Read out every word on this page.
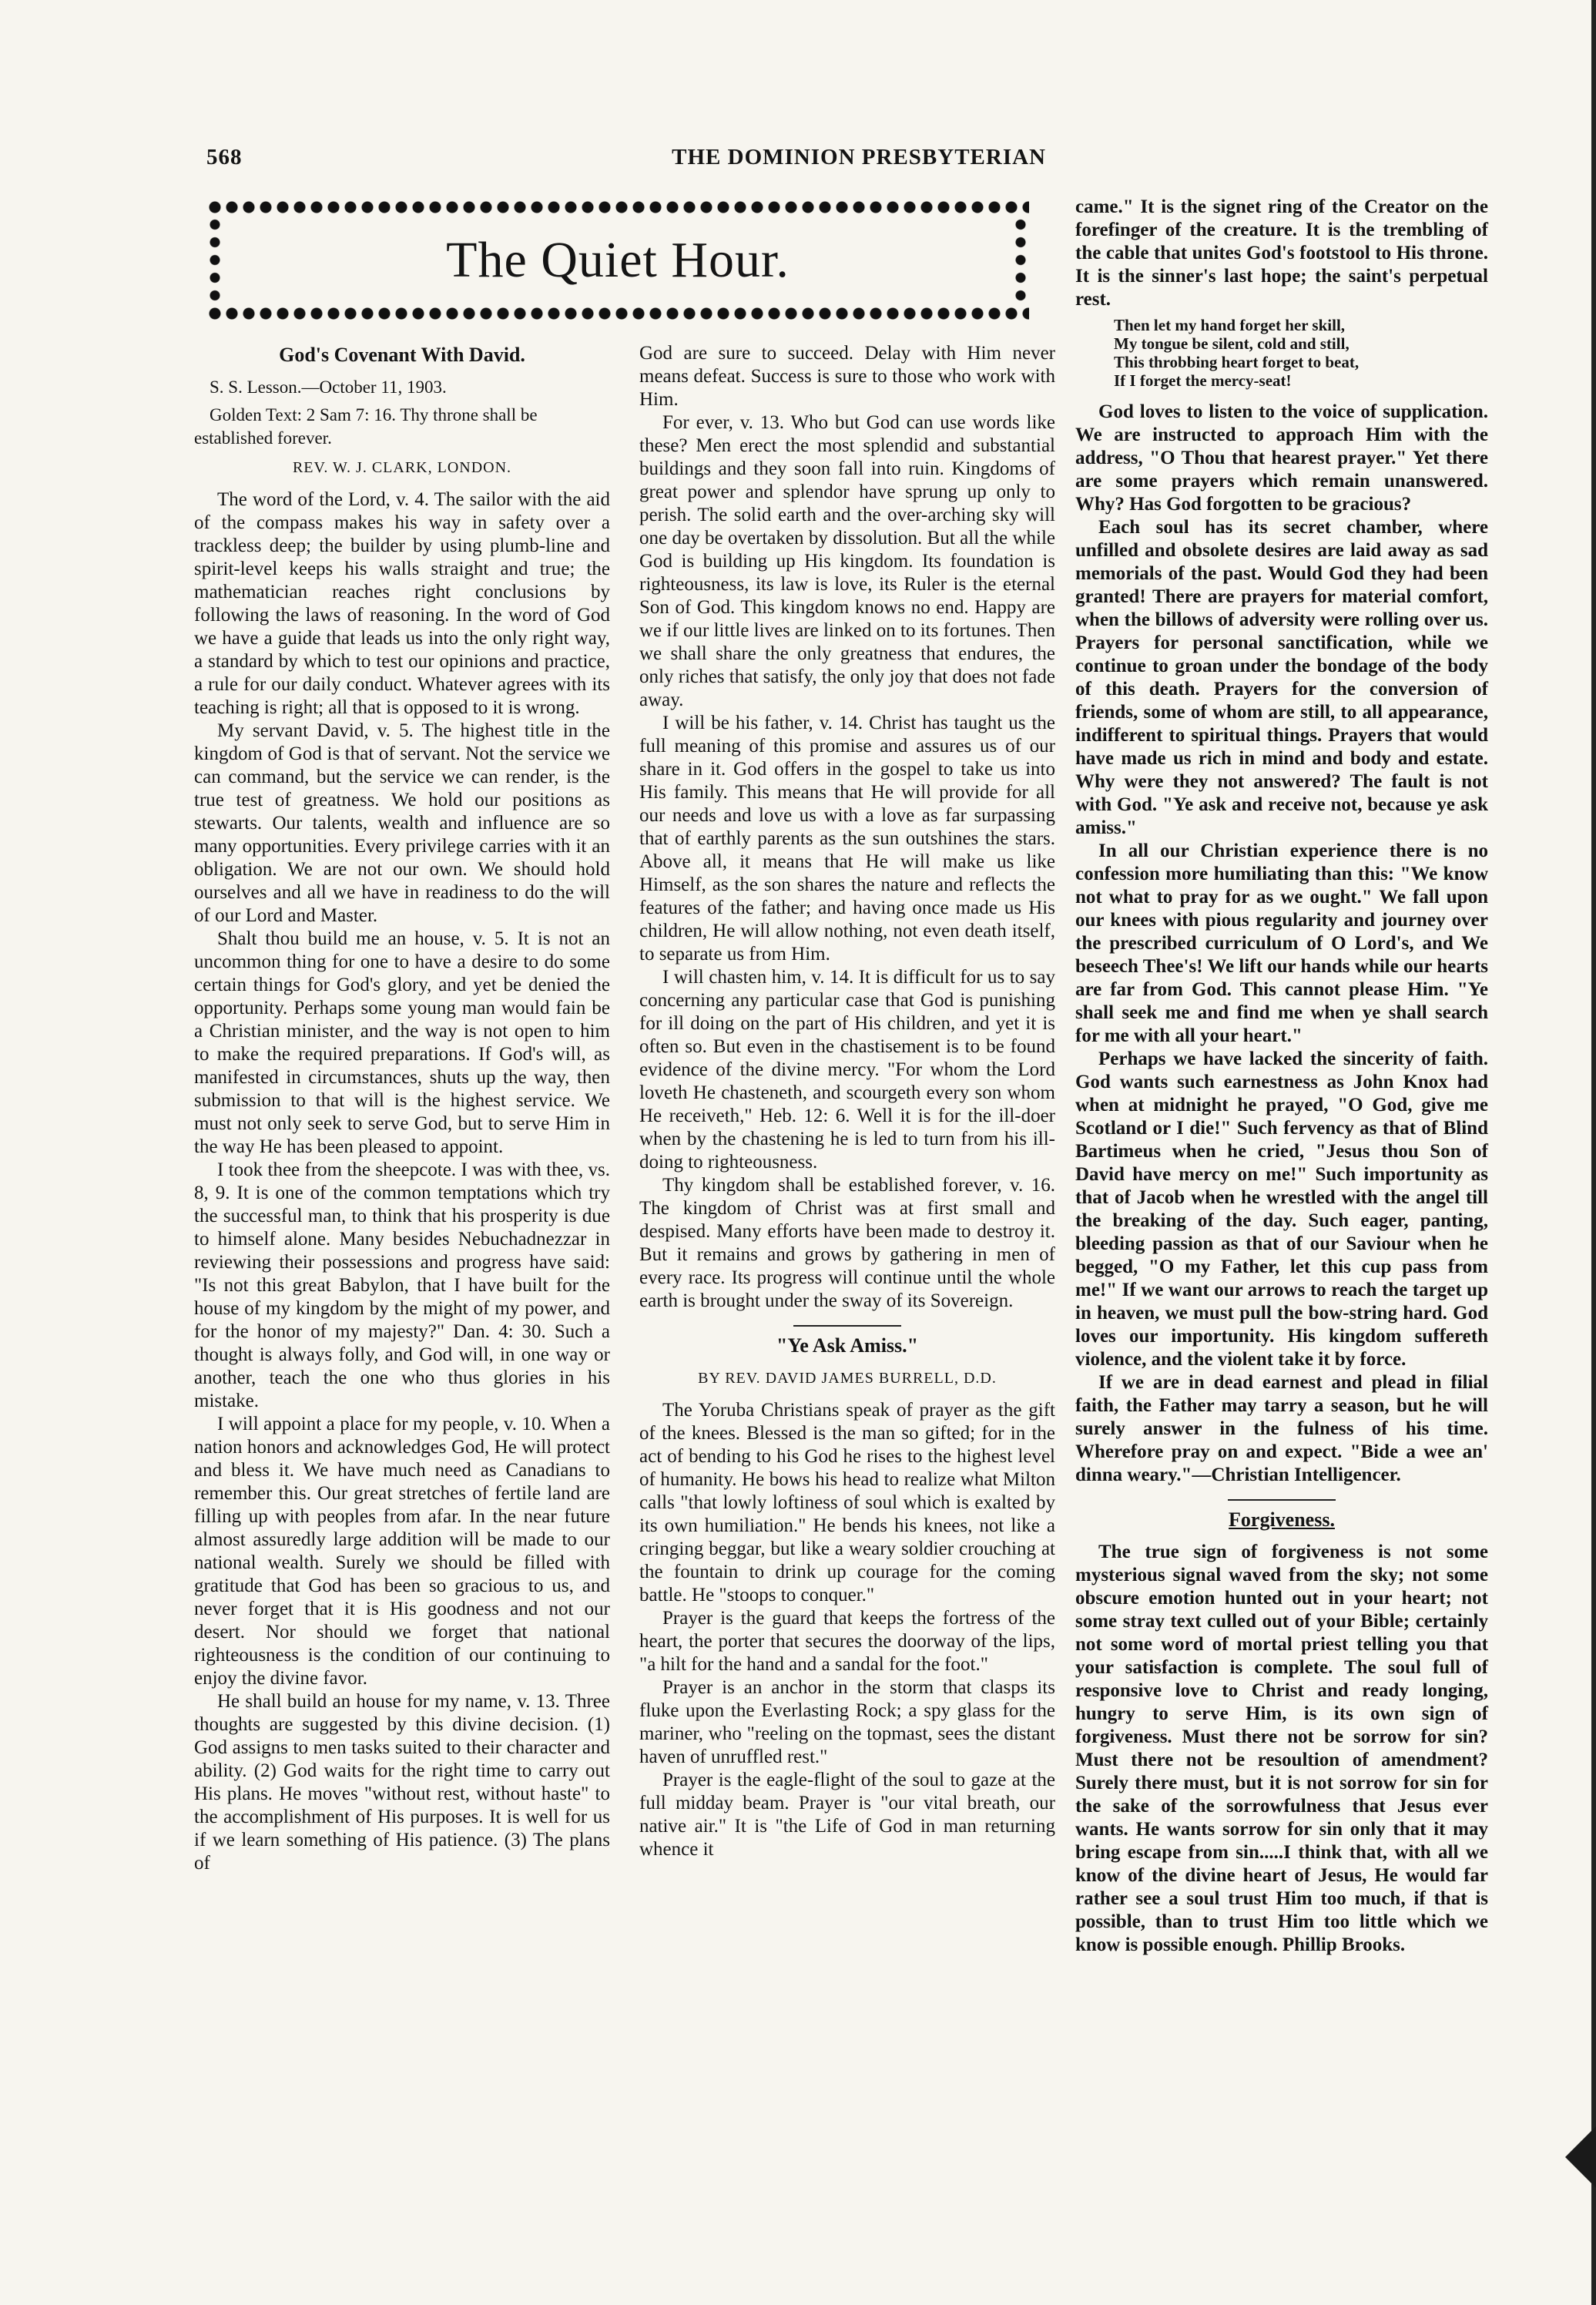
568	THE DOMINION PRESBYTERIAN
The Quiet Hour.
God's Covenant With David.
S. S. Lesson.—October 11, 1903.
Golden Text: 2 Sam 7: 16. Thy throne shall be established forever.
REV. W. J. CLARK, LONDON.

The word of the Lord, v. 4. The sailor with the aid of the compass makes his way in safety over a trackless deep; the builder by using plumb-line and spirit-level keeps his walls straight and true; the mathematician reaches right conclusions by following the laws of reasoning. In the word of God we have a guide that leads us into the only right way, a standard by which to test our opinions and practice, a rule for our daily conduct. Whatever agrees with its teaching is right; all that is opposed to it is wrong.

My servant David, v. 5. The highest title in the kingdom of God is that of servant. Not the service we can command, but the service we can render, is the true test of greatness. We hold our positions as stewarts. Our talents, wealth and influence are so many opportunities. Every privilege carries with it an obligation. We are not our own. We should hold ourselves and all we have in readiness to do the will of our Lord and Master.

Shalt thou build me an house, v. 5. It is not an uncommon thing for one to have a desire to do some certain things for God's glory, and yet be denied the opportunity. Perhaps some young man would fain be a Christian minister, and the way is not open to him to make the required preparations. If God's will, as manifested in circumstances, shuts up the way, then submission to that will is the highest service. We must not only seek to serve God, but to serve Him in the way He has been pleased to appoint.

I took thee from the sheepcote. I was with thee, vs. 8, 9. It is one of the common temptations which try the successful man, to think that his prosperity is due to himself alone. Many besides Nebuchadnezzar in reviewing their possessions and progress have said: "Is not this great Babylon, that I have built for the house of my kingdom by the might of my power, and for the honor of my majesty?" Dan. 4: 30. Such a thought is always folly, and God will, in one way or another, teach the one who thus glories in his mistake.

I will appoint a place for my people, v. 10. When a nation honors and acknowledges God, He will protect and bless it. We have much need as Canadians to remember this. Our great stretches of fertile land are filling up with peoples from afar. In the near future almost assuredly large addition will be made to our national wealth. Surely we should be filled with gratitude that God has been so gracious to us, and never forget that it is His goodness and not our desert. Nor should we forget that national righteousness is the condition of our continuing to enjoy the divine favor.

He shall build an house for my name, v. 13. Three thoughts are suggested by this divine decision. (1) God assigns to men tasks suited to their character and ability. (2) God waits for the right time to carry out His plans. He moves "without rest, without haste" to the accomplishment of His purposes. It is well for us if we learn something of His patience. (3) The plans of

God are sure to succeed. Delay with Him never means defeat. Success is sure to those who work with Him.

For ever, v. 13. Who but God can use words like these? Men erect the most splendid and substantial buildings and they soon fall into ruin. Kingdoms of great power and splendor have sprung up only to perish. The solid earth and the over-arching sky will one day be overtaken by dissolution. But all the while God is building up His kingdom. Its foundation is righteousness, its law is love, its Ruler is the eternal Son of God. This kingdom knows no end. Happy are we if our little lives are linked on to its fortunes. Then we shall share the only greatness that endures, the only riches that satisfy, the only joy that does not fade away.

I will be his father, v. 14. Christ has taught us the full meaning of this promise and assures us of our share in it. God offers in the gospel to take us into His family. This means that He will provide for all our needs and love us with a love as far surpassing that of earthly parents as the sun outshines the stars. Above all, it means that He will make us like Himself, as the son shares the nature and reflects the features of the father; and having once made us His children, He will allow nothing, not even death itself, to separate us from Him.

I will chasten him, v. 14. It is difficult for us to say concerning any particular case that God is punishing for ill doing on the part of His children, and yet it is often so. But even in the chastisement is to be found evidence of the divine mercy. "For whom the Lord loveth He chasteneth, and scourgeth every son whom He receiveth," Heb. 12: 6. Well it is for the ill-doer when by the chastening he is led to turn from his ill-doing to righteousness.

Thy kingdom shall be established forever, v. 16. The kingdom of Christ was at first small and despised. Many efforts have been made to destroy it. But it remains and grows by gathering in men of every race. Its progress will continue until the whole earth is brought under the sway of its Sovereign.

"Ye Ask Amiss."
BY REV. DAVID JAMES BURRELL, D.D.

The Yoruba Christians speak of prayer as the gift of the knees. Blessed is the man so gifted; for in the act of bending to his God he rises to the highest level of humanity. He bows his head to realize what Milton calls "that lowly loftiness of soul which is exalted by its own humiliation." He bends his knees, not like a cringing beggar, but like a weary soldier crouching at the fountain to drink up courage for the coming battle. He "stoops to conquer."

Prayer is the guard that keeps the fortress of the heart, the porter that secures the doorway of the lips, "a hilt for the hand and a sandal for the foot."

Prayer is an anchor in the storm that clasps its fluke upon the Everlasting Rock; a spy glass for the mariner, who "reeling on the topmast, sees the distant haven of unruffled rest."

Prayer is the eagle-flight of the soul to gaze at the full midday beam. Prayer is "our vital breath, our native air." It is "the Life of God in man returning whence it

came." It is the signet ring of the Creator on the forefinger of the creature. It is the trembling of the cable that unites God's footstool to His throne. It is the sinner's last hope; the saint's perpetual rest.

Then let my hand forget her skill,
My tongue be silent, cold and still,
This throbbing heart forget to beat,
If I forget the mercy-seat!

God loves to listen to the voice of supplication. We are instructed to approach Him with the address, "O Thou that hearest prayer." Yet there are some prayers which remain unanswered. Why? Has God forgotten to be gracious?

Each soul has its secret chamber, where unfilled and obsolete desires are laid away as sad memorials of the past. Would God they had been granted! There are prayers for material comfort, when the billows of adversity were rolling over us. Prayers for personal sanctification, while we continue to groan under the bondage of the body of this death. Prayers for the conversion of friends, some of whom are still, to all appearance, indifferent to spiritual things. Prayers that would have made us rich in mind and body and estate. Why were they not answered? The fault is not with God. "Ye ask and receive not, because ye ask amiss."

In all our Christian experience there is no confession more humiliating than this: "We know not what to pray for as we ought." We fall upon our knees with pious regularity and journey over the prescribed curriculum of O Lord's, and We beseech Thee's! We lift our hands while our hearts are far from God. This cannot please Him. "Ye shall seek me and find me when ye shall search for me with all your heart."

Perhaps we have lacked the sincerity of faith. God wants such earnestness as John Knox had when at midnight he prayed, "O God, give me Scotland or I die!" Such fervency as that of Blind Bartimeus when he cried, "Jesus thou Son of David have mercy on me!" Such importunity as that of Jacob when he wrestled with the angel till the breaking of the day. Such eager, panting, bleeding passion as that of our Saviour when he begged, "O my Father, let this cup pass from me!" If we want our arrows to reach the target up in heaven, we must pull the bow-string hard. God loves our importunity. His kingdom suffereth violence, and the violent take it by force.

If we are in dead earnest and plead in filial faith, the Father may tarry a season, but he will surely answer in the fulness of his time. Wherefore pray on and expect. "Bide a wee an' dinna weary."—Christian Intelligencer.

Forgiveness.

The true sign of forgiveness is not some mysterious signal waved from the sky; not some obscure emotion hunted out in your heart; not some stray text culled out of your Bible; certainly not some word of mortal priest telling you that your satisfaction is complete. The soul full of responsive love to Christ and ready longing, hungry to serve Him, is its own sign of forgiveness. Must there not be sorrow for sin? Must there not be resoultion of amendment? Surely there must, but it is not sorrow for sin for the sake of the sorrowfulness that Jesus ever wants. He wants sorrow for sin only that it may bring escape from sin.....I think that, with all we know of the divine heart of Jesus, He would far rather see a soul trust Him too much, if that is possible, than to trust Him too little which we know is possible enough. Phillip Brooks.
